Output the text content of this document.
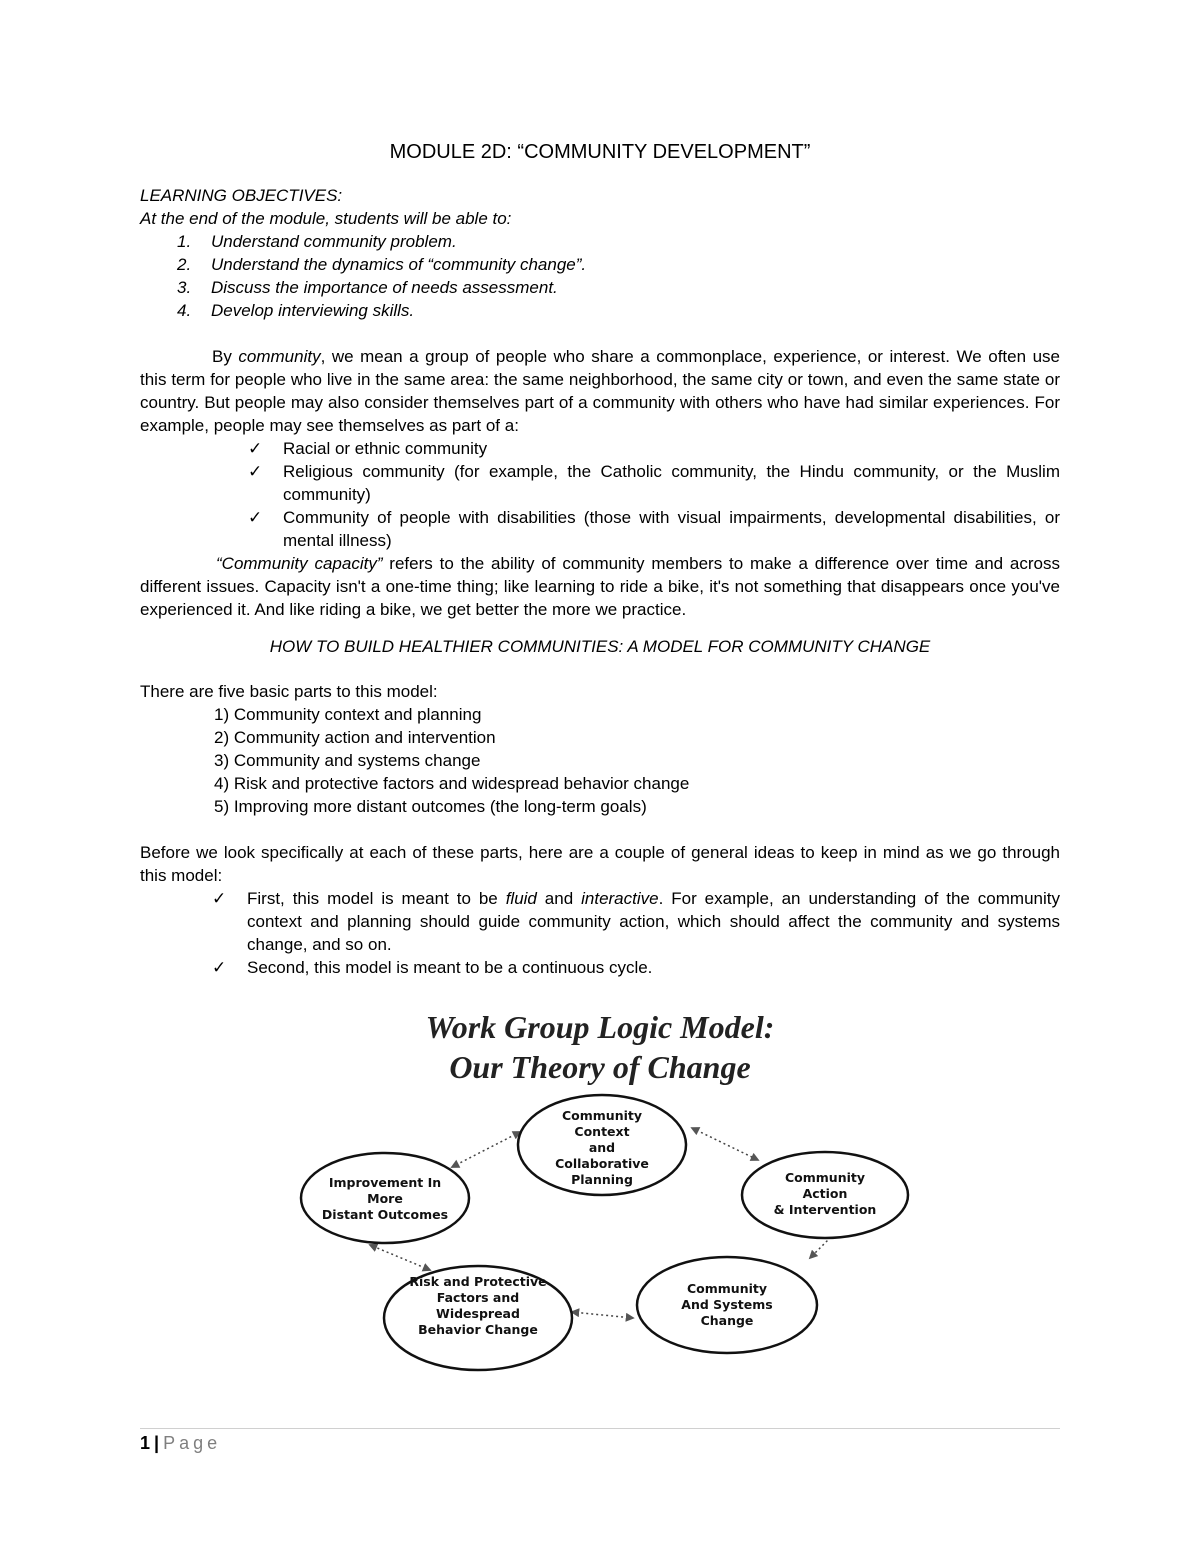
MODULE 2D: “COMMUNITY DEVELOPMENT”
LEARNING OBJECTIVES:
At the end of the module, students will be able to:
1.	Understand community problem.
2.	Understand the dynamics of “community change”.
3.	Discuss the importance of needs assessment.
4.	Develop interviewing skills.

By community, we mean a group of people who share a commonplace, experience, or interest. We often use this term for people who live in the same area: the same neighborhood, the same city or town, and even the same state or country. But people may also consider themselves part of a community with others who have had similar experiences. For example, people may see themselves as part of a:

✓	Racial or ethnic community
✓	Religious community (for example, the Catholic community, the Hindu community, or the Muslim community)
✓	Community of people with disabilities (those with visual impairments, developmental disabilities, or mental illness)

“Community capacity” refers to the ability of community members to make a difference over time and across different issues. Capacity isn't a one-time thing; like learning to ride a bike, it's not something that disappears once you've experienced it. And like riding a bike, we get better the more we practice.

HOW TO BUILD HEALTHIER COMMUNITIES: A MODEL FOR COMMUNITY CHANGE

There are five basic parts to this model:

1) Community context and planning
2) Community action and intervention
3) Community and systems change
4) Risk and protective factors and widespread behavior change
5) Improving more distant outcomes (the long-term goals)

Before we look specifically at each of these parts, here are a couple of general ideas to keep in mind as we go through this model:

✓	First, this model is meant to be fluid and interactive. For example, an understanding of the community context and planning should guide community action, which should affect the community and systems change, and so on.
✓	Second, this model is meant to be a continuous cycle.
Work Group Logic Model:
Our Theory of Change
Community
Context
and
Collaborative
Planning	Community
Action
& Intervention
Community
And Systems
Change
Risk and Protective
Factors and
Widespread
Behavior Change
Improvement In
More
Distant Outcomes
1 | Page
